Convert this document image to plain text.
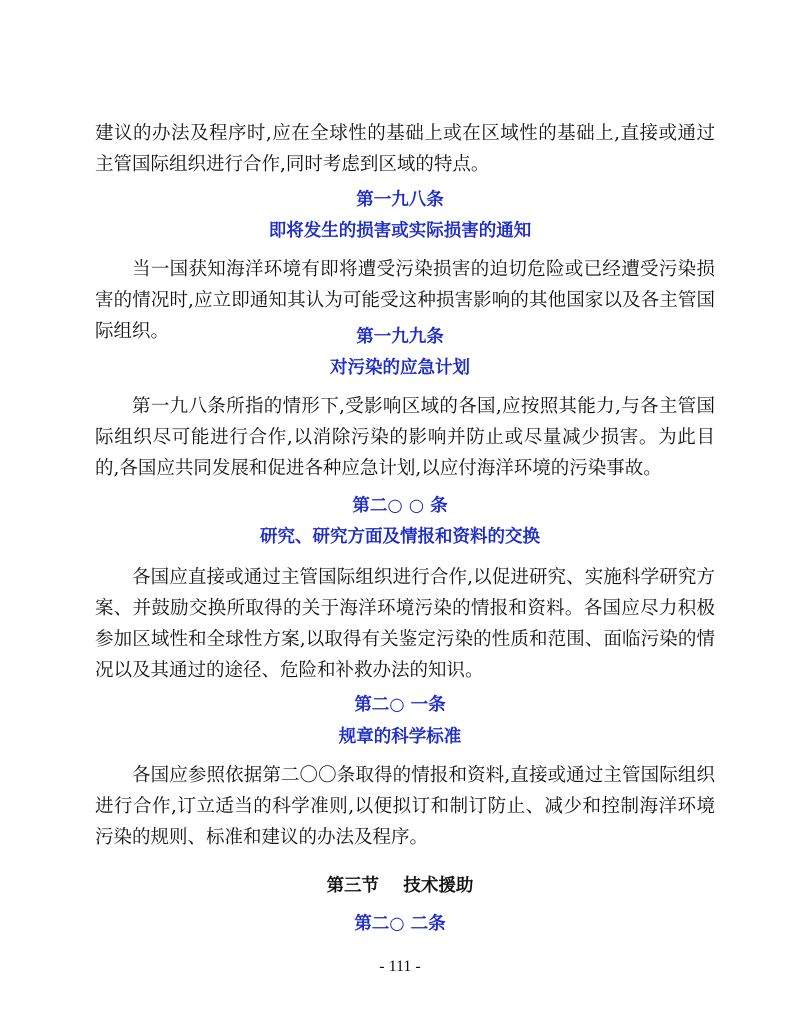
建议的办法及程序时,应在全球性的基础上或在区域性的基础上,直接或通过主管国际组织进行合作,同时考虑到区域的特点。

第一九八条
即将发生的损害或实际损害的通知

当一国获知海洋环境有即将遭受污染损害的迫切危险或已经遭受污染损害的情况时,应立即通知其认为可能受这种损害影响的其他国家以及各主管国际组织。	第一九九条
对污染的应急计划

第一九八条所指的情形下,受影响区域的各国,应按照其能力,与各主管国际组织尽可能进行合作,以消除污染的影响并防止或尽量减少损害。为此目的,各国应共同发展和促进各种应急计划,以应付海洋环境的污染事故。

第二○ ○ 条
研究、研究方面及情报和资料的交换

各国应直接或通过主管国际组织进行合作,以促进研究、实施科学研究方案、并鼓励交换所取得的关于海洋环境污染的情报和资料。各国应尽力积极参加区域性和全球性方案,以取得有关鉴定污染的性质和范围、面临污染的情况以及其通过的途径、危险和补救办法的知识。

第二○ 一条
规章的科学标准

各国应参照依据第二〇〇条取得的情报和资料,直接或通过主管国际组织进行合作,订立适当的科学准则,以便拟订和制订防止、减少和控制海洋环境污染的规则、标准和建议的办法及程序。

第三节    技术援助
第二○ 二条
- 111 -
